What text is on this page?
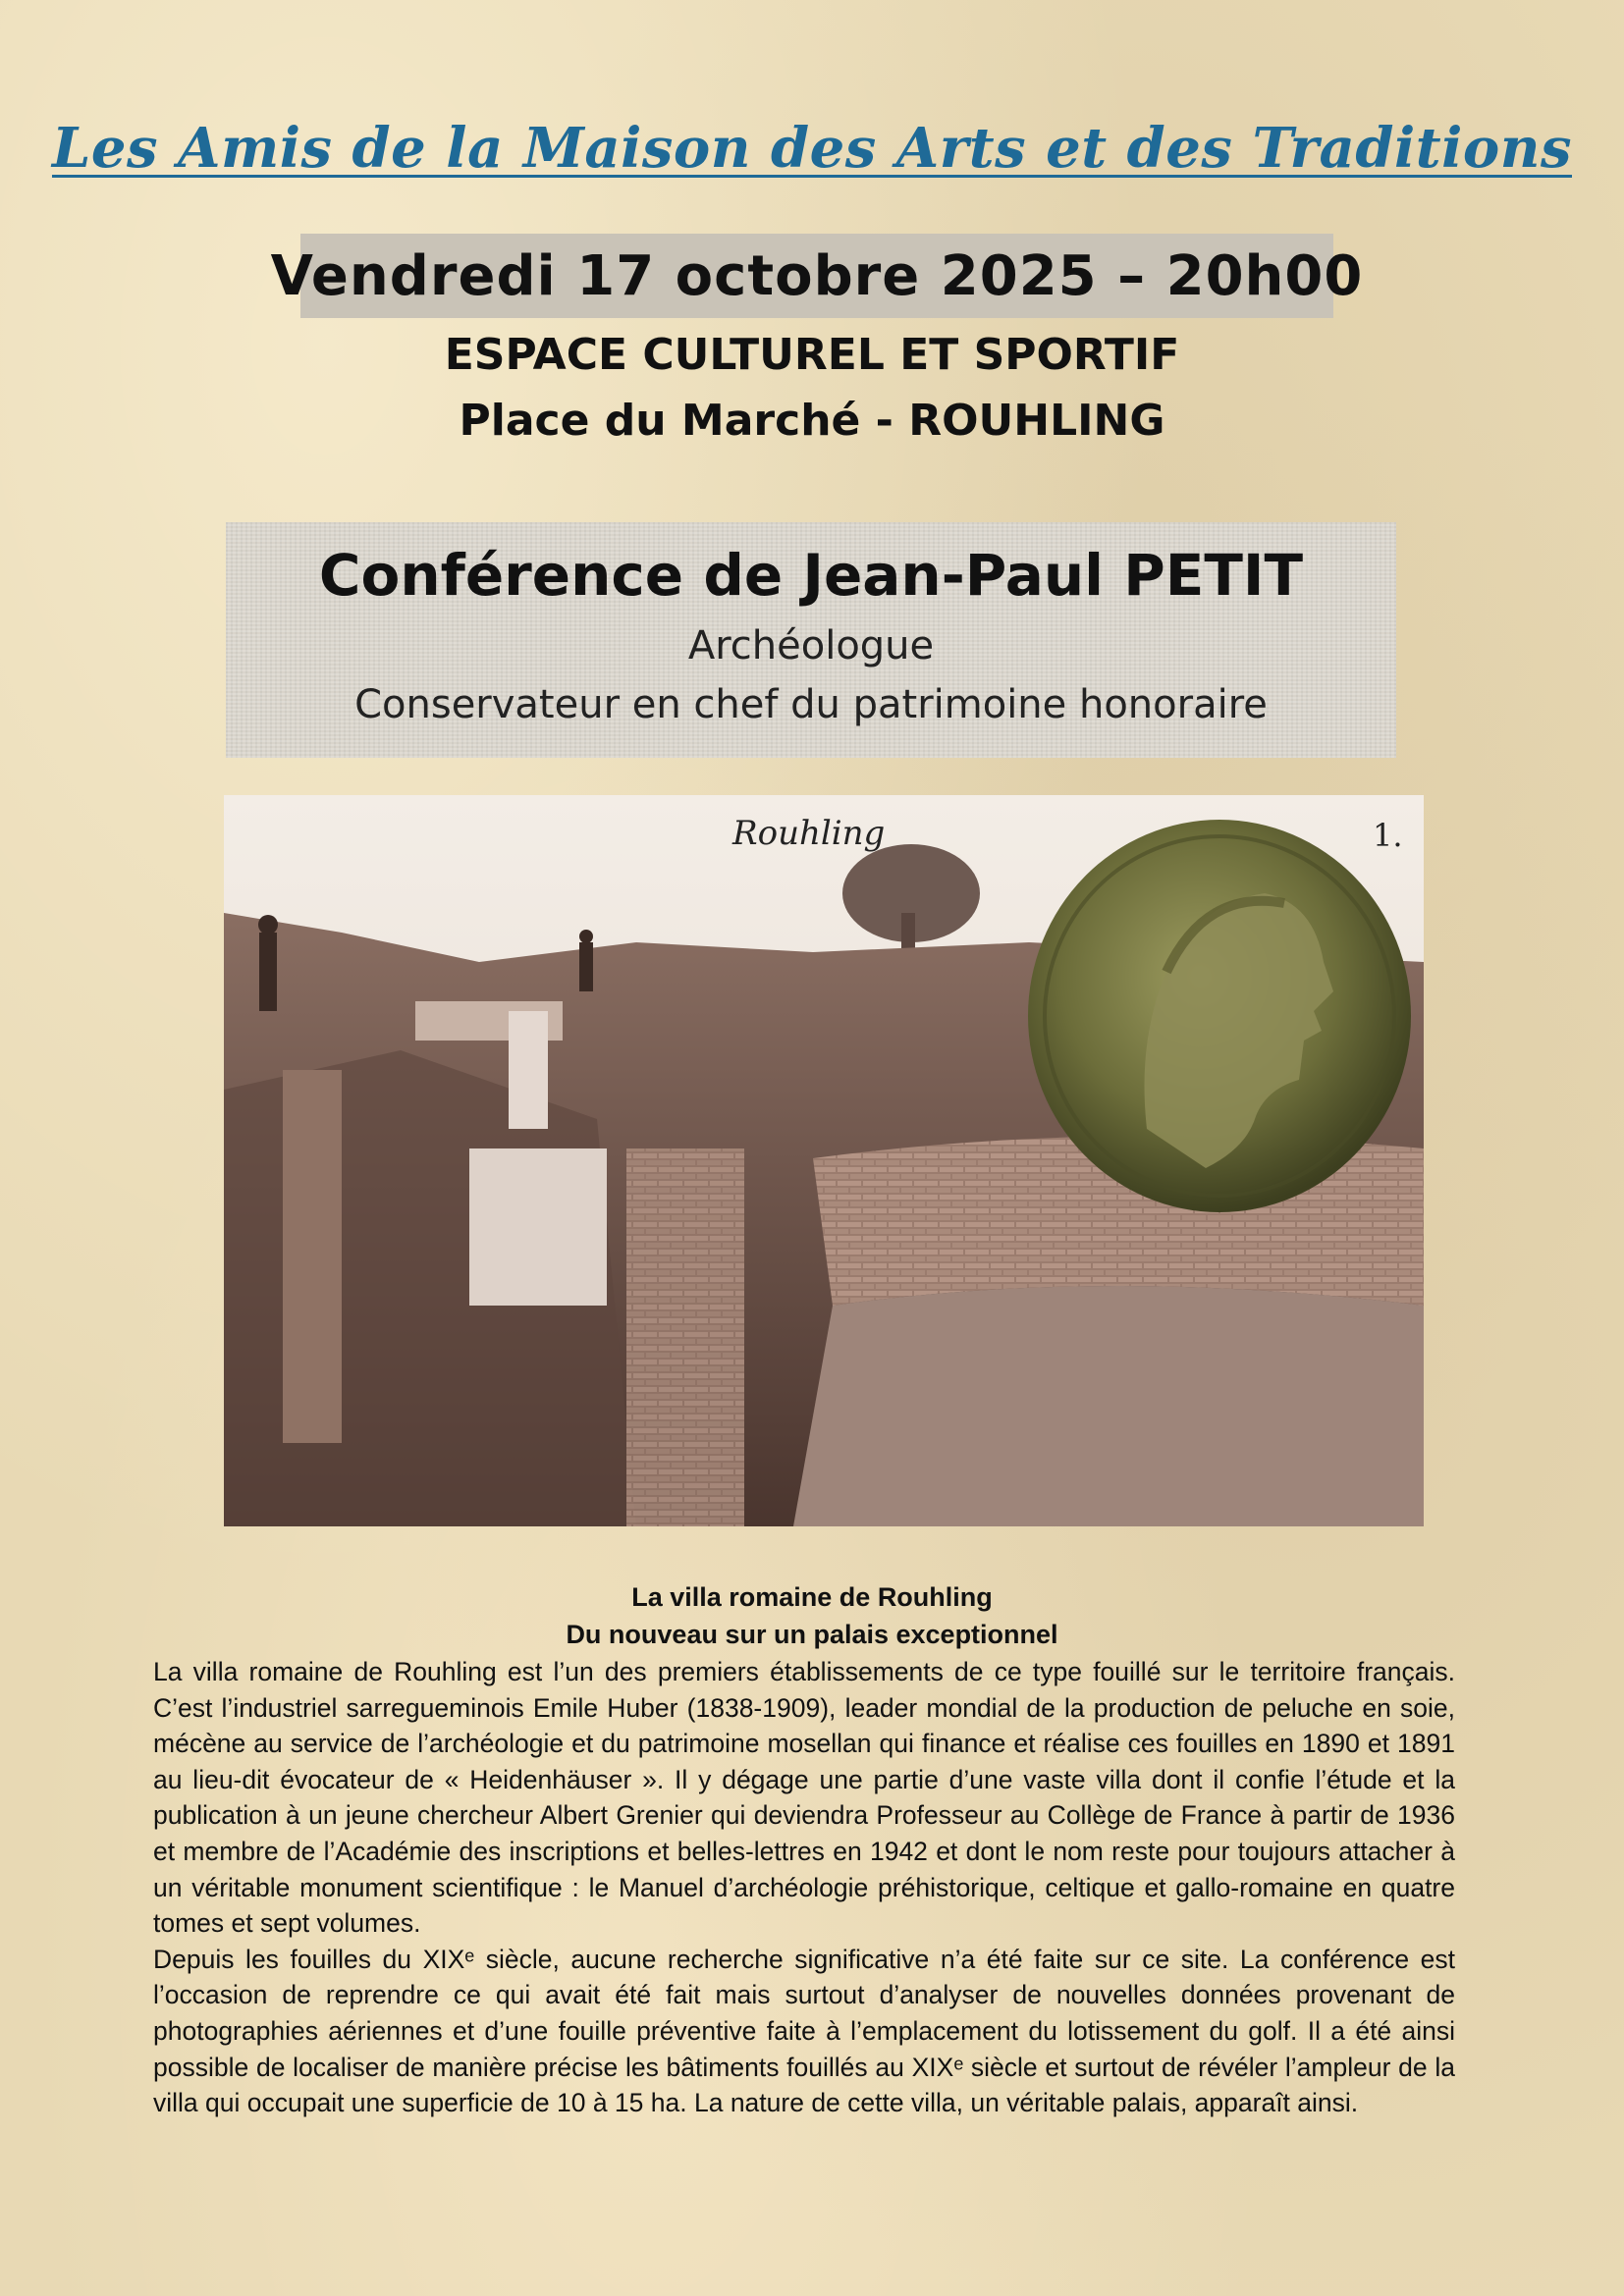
Les Amis de la Maison des Arts et des Traditions
Vendredi 17 octobre 2025 – 20h00
ESPACE CULTUREL ET SPORTIF
Place du Marché - ROUHLING
Conférence de Jean-Paul PETIT
Archéologue
Conservateur en chef du patrimoine honoraire
Rouhling	1.
La villa romaine de Rouhling
Du nouveau sur un palais exceptionnel

La villa romaine de Rouhling est l’un des premiers établissements de ce type fouillé sur le territoire français. C’est l’industriel sarregueminois Emile Huber (1838-1909), leader mondial de la production de peluche en soie, mécène au service de l’archéologie et du patrimoine mosellan qui finance et réalise ces fouilles en 1890 et 1891 au lieu-dit évocateur de « Heidenhäuser ». Il y dégage une partie d’une vaste villa dont il confie l’étude et la publication à un jeune chercheur Albert Grenier qui deviendra Professeur au Collège de France à partir de 1936 et membre de l’Académie des inscriptions et belles-lettres en 1942 et dont le nom reste pour toujours attacher à un véritable monument scientifique : le Manuel d’archéologie préhistorique, celtique et gallo-romaine en quatre tomes et sept volumes.

Depuis les fouilles du XIXᵉ siècle, aucune recherche significative n’a été faite sur ce site. La conférence est l’occasion de reprendre ce qui avait été fait mais surtout d’analyser de nouvelles données provenant de photographies aériennes et d’une fouille préventive faite à l’emplacement du lotissement du golf. Il a été ainsi possible de localiser de manière précise les bâtiments fouillés au XIXᵉ siècle et surtout de révéler l’ampleur de la villa qui occupait une superficie de 10 à 15 ha. La nature de cette villa, un véritable palais, apparaît ainsi.
